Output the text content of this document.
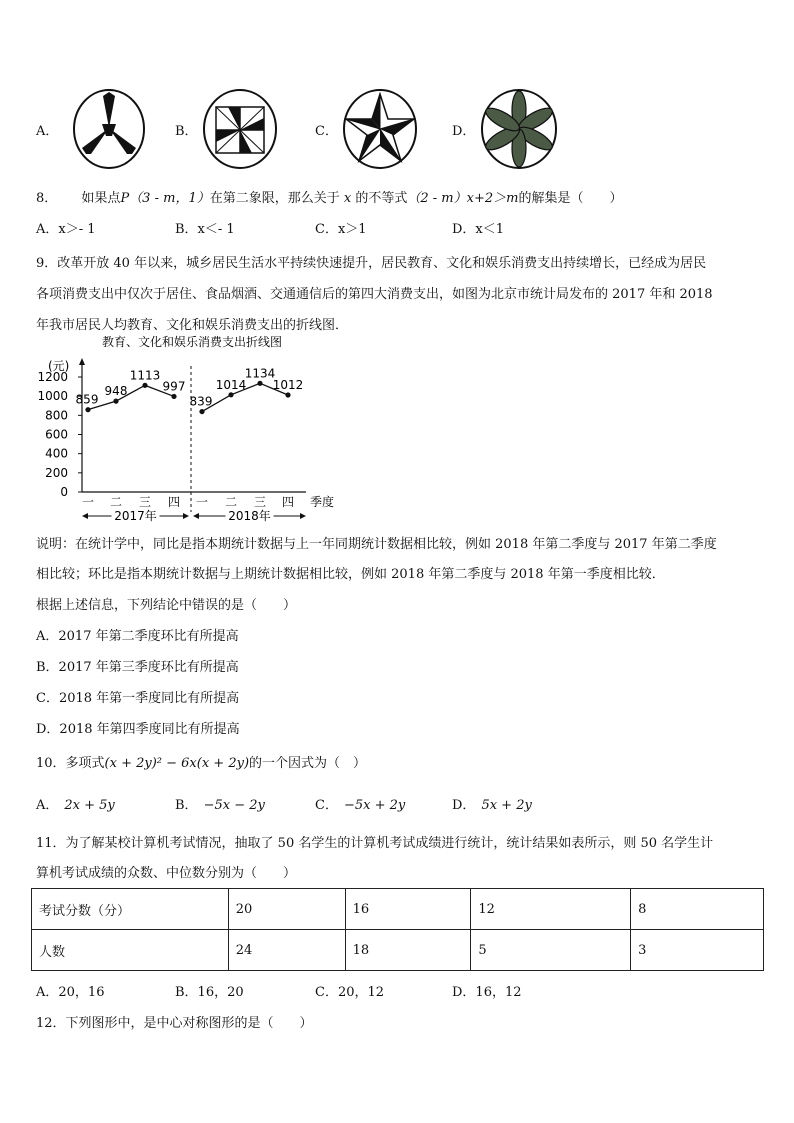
A．	B．	C．	D．
8． 如果点P（3 - m，1）在第二象限，那么关于 x 的不等式（2 - m）x+2＞m的解集是（　　）
A．x＞- 1	B．x＜- 1	C．x＞1	D．x＜1
9．改革开放 40 年以来，城乡居民生活水平持续快速提升，居民教育、文化和娱乐消费支出持续增长，已经成为居民
各项消费支出中仅次于居住、食品烟酒、交通通信后的第四大消费支出，如图为北京市统计局发布的 2017 年和 2018
年我市居民人均教育、文化和娱乐消费支出的折线图．
教育、文化和娱乐消费支出折线图
(元)
季度
0
200
400
600
800
1000
1200
859
948
1113
997
839
1014
1134
1012
一 二 三 四 一 二 三 四
2017年	2018年
说明：在统计学中，同比是指本期统计数据与上一年同期统计数据相比较，例如 2018 年第二季度与 2017 年第二季度
相比较；环比是指本期统计数据与上期统计数据相比较，例如 2018 年第二季度与 2018 年第一季度相比较．
根据上述信息，下列结论中错误的是（　　）
A．2017 年第二季度环比有所提高
B．2017 年第三季度环比有所提高
C．2018 年第一季度同比有所提高
D．2018 年第四季度同比有所提高
10．多项式(x + 2y)² − 6x(x + 2y)的一个因式为（　）
A． 2x + 5y	B． −5x − 2y	C． −5x + 2y	D． 5x + 2y
11．为了解某校计算机考试情况，抽取了 50 名学生的计算机考试成绩进行统计，统计结果如表所示，则 50 名学生计
算机考试成绩的众数、中位数分别为（　　）
考试分数（分）	20	16	12	8
人数	24	18	5	3
A．20，16	B．16，20	C．20，12	D．16，12
12．下列图形中，是中心对称图形的是（　　）
